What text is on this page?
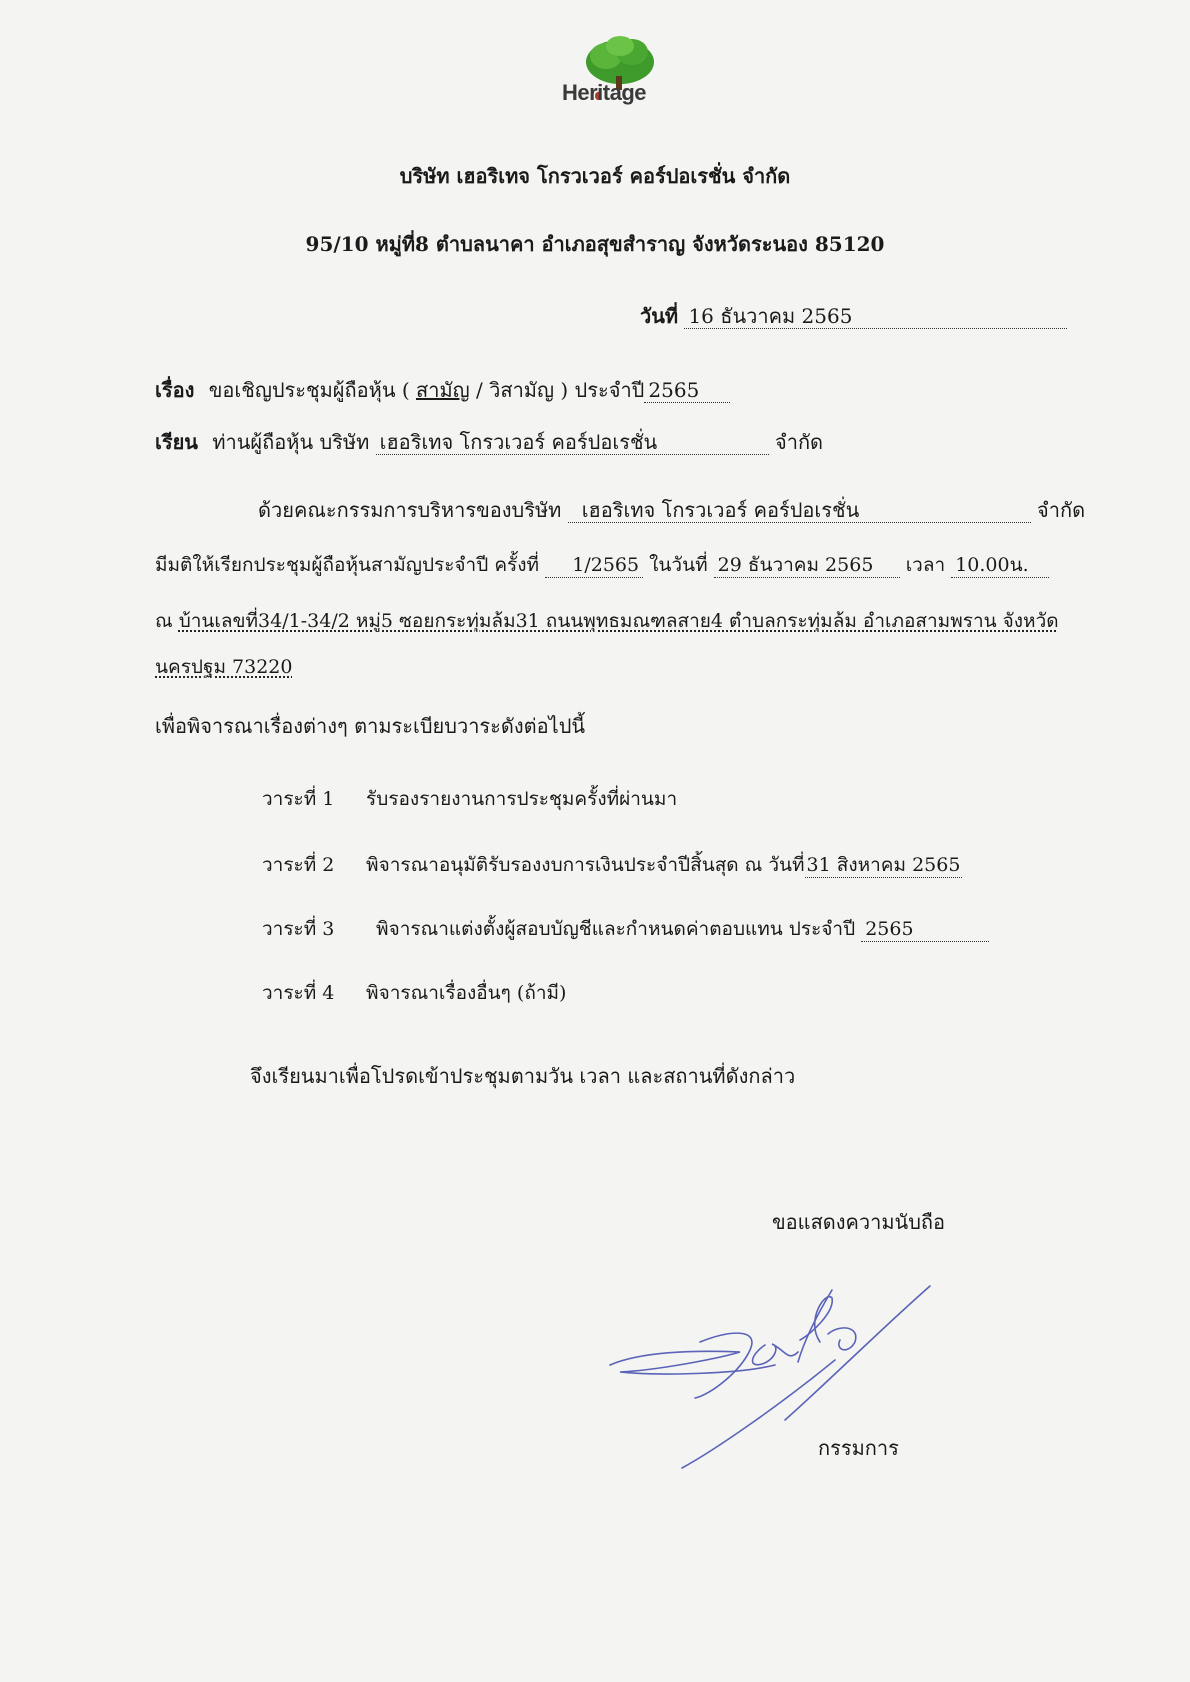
Heritage
บริษัท เฮอริเทจ โกรวเวอร์ คอร์ปอเรชั่น จำกัด
95/10 หมู่ที่8 ตำบลนาคา อำเภอสุขสำราญ จังหวัดระนอง 85120
วันที่ 16 ธันวาคม 2565
เรื่อง ขอเชิญประชุมผู้ถือหุ้น ( สามัญ / วิสามัญ ) ประจำปี 2565
เรียน ท่านผู้ถือหุ้น บริษัท เฮอริเทจ โกรวเวอร์ คอร์ปอเรชั่น	จำกัด
ด้วยคณะกรรมการบริหารของบริษัท เฮอริเทจ โกรวเวอร์ คอร์ปอเรชั่น	จำกัด
มีมติให้เรียกประชุมผู้ถือหุ้นสามัญประจำปี ครั้งที่ 1/2565 ในวันที่ 29 ธันวาคม 2565 เวลา 10.00น.
ณ บ้านเลขที่34/1-34/2 หมู่5 ซอยกระทุ่มล้ม31 ถนนพุทธมณฑลสาย4 ตำบลกระทุ่มล้ม อำเภอสามพราน จังหวัด
นครปฐม 73220
เพื่อพิจารณาเรื่องต่างๆ ตามระเบียบวาระดังต่อไปนี้
วาระที่ 1 รับรองรายงานการประชุมครั้งที่ผ่านมา
วาระที่ 2 พิจารณาอนุมัติรับรองงบการเงินประจำปีสิ้นสุด ณ วันที่ 31 สิงหาคม 2565
วาระที่ 3 พิจารณาแต่งตั้งผู้สอบบัญชีและกำหนดค่าตอบแทน ประจำปี 2565
วาระที่ 4 พิจารณาเรื่องอื่นๆ (ถ้ามี)
จึงเรียนมาเพื่อโปรดเข้าประชุมตามวัน เวลา และสถานที่ดังกล่าว
ขอแสดงความนับถือ
กรรมการ
